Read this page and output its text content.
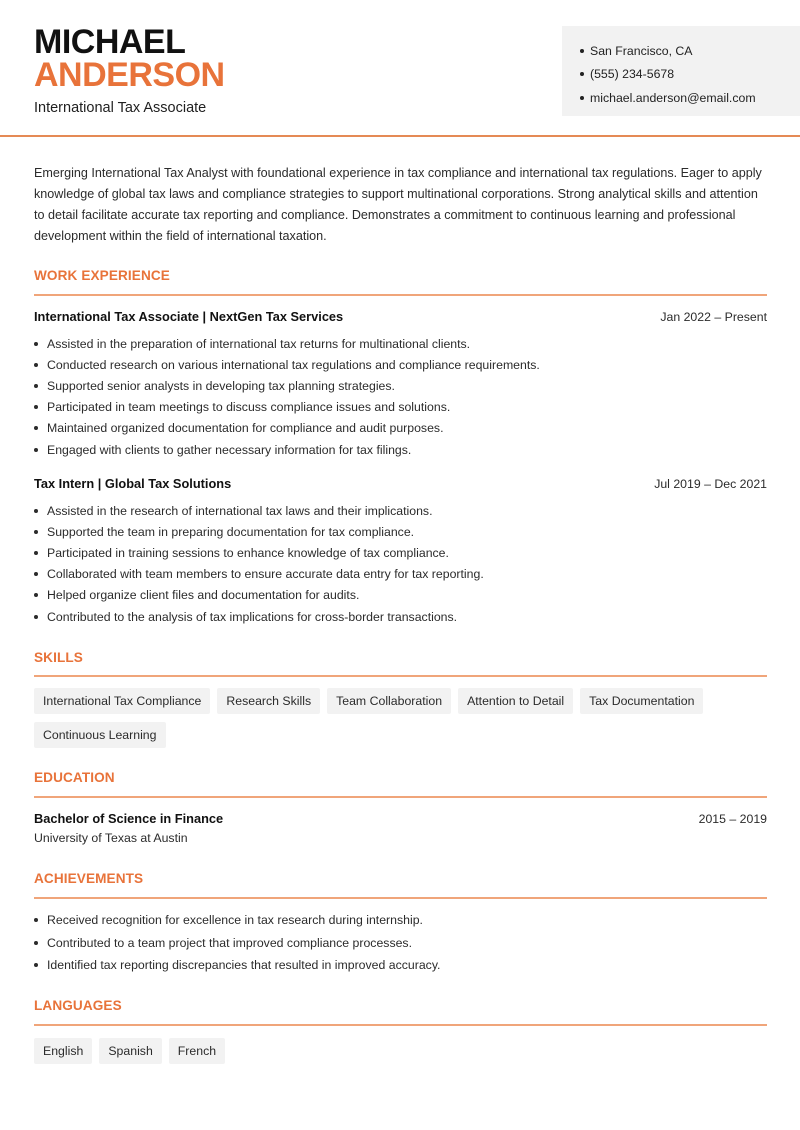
MICHAEL
ANDERSON
International Tax Associate
San Francisco, CA
(555) 234-5678
michael.anderson@email.com

Emerging International Tax Analyst with foundational experience in tax compliance and international tax regulations. Eager to apply knowledge of global tax laws and compliance strategies to support multinational corporations. Strong analytical skills and attention to detail facilitate accurate tax reporting and compliance. Demonstrates a commitment to continuous learning and professional development within the field of international taxation.

WORK EXPERIENCE
International Tax Associate | NextGen Tax Services	Jan 2022 – Present
Assisted in the preparation of international tax returns for multinational clients.
Conducted research on various international tax regulations and compliance requirements.
Supported senior analysts in developing tax planning strategies.
Participated in team meetings to discuss compliance issues and solutions.
Maintained organized documentation for compliance and audit purposes.
Engaged with clients to gather necessary information for tax filings.
Tax Intern | Global Tax Solutions	Jul 2019 – Dec 2021
Assisted in the research of international tax laws and their implications.
Supported the team in preparing documentation for tax compliance.
Participated in training sessions to enhance knowledge of tax compliance.
Collaborated with team members to ensure accurate data entry for tax reporting.
Helped organize client files and documentation for audits.
Contributed to the analysis of tax implications for cross-border transactions.
SKILLS
International Tax Compliance	Research Skills	Team Collaboration	Attention to Detail	Tax Documentation
Continuous Learning
EDUCATION
Bachelor of Science in Finance	2015 – 2019
University of Texas at Austin
ACHIEVEMENTS
Received recognition for excellence in tax research during internship.
Contributed to a team project that improved compliance processes.
Identified tax reporting discrepancies that resulted in improved accuracy.
LANGUAGES
English	Spanish	French
